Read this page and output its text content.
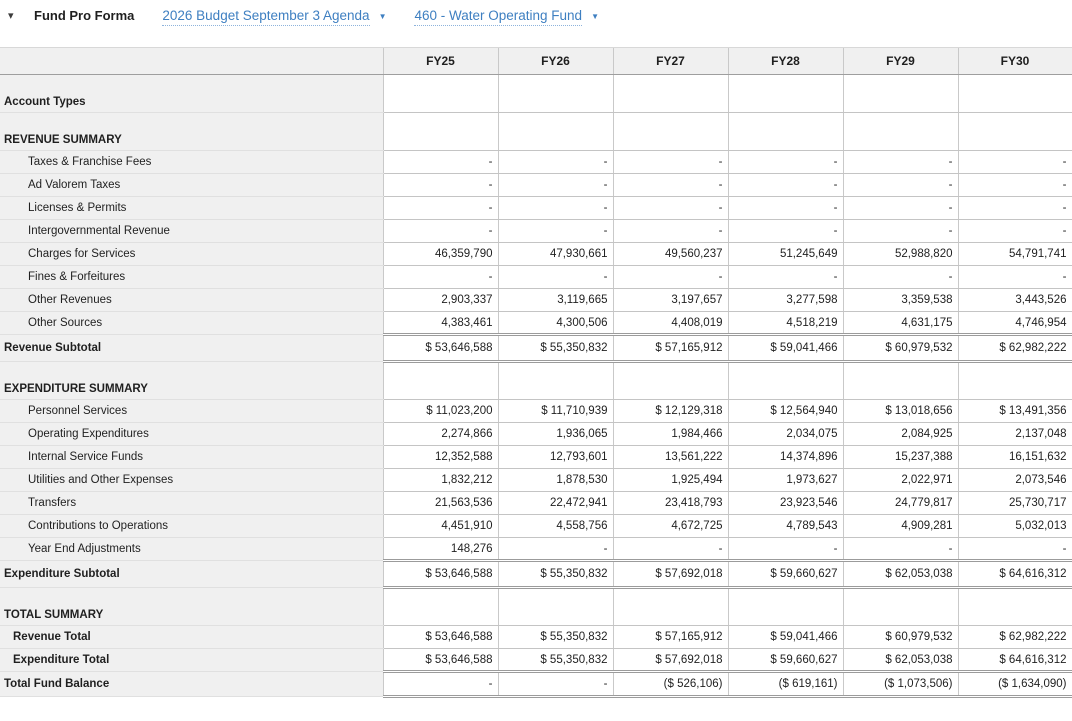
▾	Fund Pro Forma 2026 Budget September 3 Agenda ▼ 460 - Water Operating Fund ▼
	FY25	FY26	FY27	FY28	FY29	FY30
Account Types						
REVENUE SUMMARY						
Taxes & Franchise Fees	-	-	-	-	-	-
Ad Valorem Taxes	-	-	-	-	-	-
Licenses & Permits	-	-	-	-	-	-
Intergovernmental Revenue	-	-	-	-	-	-
Charges for Services	46,359,790	47,930,661	49,560,237	51,245,649	52,988,820	54,791,741
Fines & Forfeitures	-	-	-	-	-	-
Other Revenues	2,903,337	3,119,665	3,197,657	3,277,598	3,359,538	3,443,526
Other Sources	4,383,461	4,300,506	4,408,019	4,518,219	4,631,175	4,746,954
Revenue Subtotal	$ 53,646,588	$ 55,350,832	$ 57,165,912	$ 59,041,466	$ 60,979,532	$ 62,982,222
EXPENDITURE SUMMARY						
Personnel Services	$ 11,023,200	$ 11,710,939	$ 12,129,318	$ 12,564,940	$ 13,018,656	$ 13,491,356
Operating Expenditures	2,274,866	1,936,065	1,984,466	2,034,075	2,084,925	2,137,048
Internal Service Funds	12,352,588	12,793,601	13,561,222	14,374,896	15,237,388	16,151,632
Utilities and Other Expenses	1,832,212	1,878,530	1,925,494	1,973,627	2,022,971	2,073,546
Transfers	21,563,536	22,472,941	23,418,793	23,923,546	24,779,817	25,730,717
Contributions to Operations	4,451,910	4,558,756	4,672,725	4,789,543	4,909,281	5,032,013
Year End Adjustments	148,276	-	-	-	-	-
Expenditure Subtotal	$ 53,646,588	$ 55,350,832	$ 57,692,018	$ 59,660,627	$ 62,053,038	$ 64,616,312
TOTAL SUMMARY						
Revenue Total	$ 53,646,588	$ 55,350,832	$ 57,165,912	$ 59,041,466	$ 60,979,532	$ 62,982,222
Expenditure Total	$ 53,646,588	$ 55,350,832	$ 57,692,018	$ 59,660,627	$ 62,053,038	$ 64,616,312
Total Fund Balance	-	-	($ 526,106)	($ 619,161)	($ 1,073,506)	($ 1,634,090)
